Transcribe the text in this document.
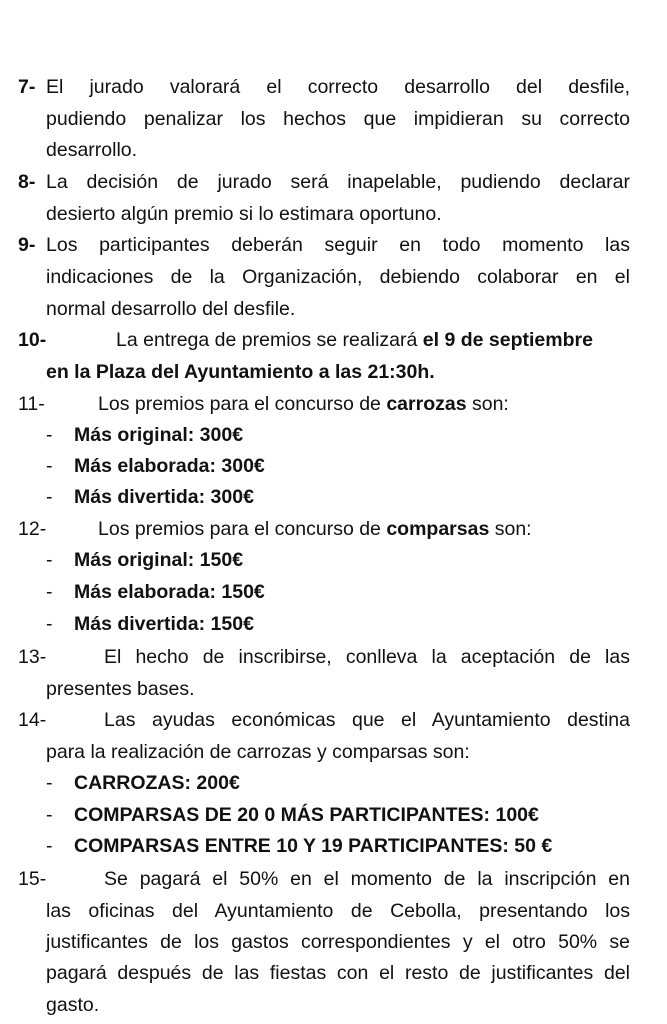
7- El jurado valorará el correcto desarrollo del desfile,
pudiendo penalizar los hechos que impidieran su correcto
desarrollo.
8- La decisión de jurado será inapelable, pudiendo declarar
desierto algún premio si lo estimara oportuno.
9- Los participantes deberán seguir en todo momento las
indicaciones de la Organización, debiendo colaborar en el
normal desarrollo del desfile.
10-	La entrega de premios se realizará el 9 de septiembre
en la Plaza del Ayuntamiento a las 21:30h.
11-	Los premios para el concurso de carrozas son:
- Más original: 300€
- Más elaborada: 300€
- Más divertida: 300€
12-	Los premios para el concurso de comparsas son:
- Más original: 150€
- Más elaborada: 150€
- Más divertida: 150€
13-	El hecho de inscribirse, conlleva la aceptación de las
presentes bases.
14-	Las ayudas económicas que el Ayuntamiento destina
para la realización de carrozas y comparsas son:
- CARROZAS: 200€
- COMPARSAS DE 20 0 MÁS PARTICIPANTES: 100€
- COMPARSAS ENTRE 10 Y 19 PARTICIPANTES: 50 €
15-	Se pagará el 50% en el momento de la inscripción en
las oficinas del Ayuntamiento de Cebolla, presentando los
justificantes de los gastos correspondientes y el otro 50% se
pagará después de las fiestas con el resto de justificantes del
gasto.
